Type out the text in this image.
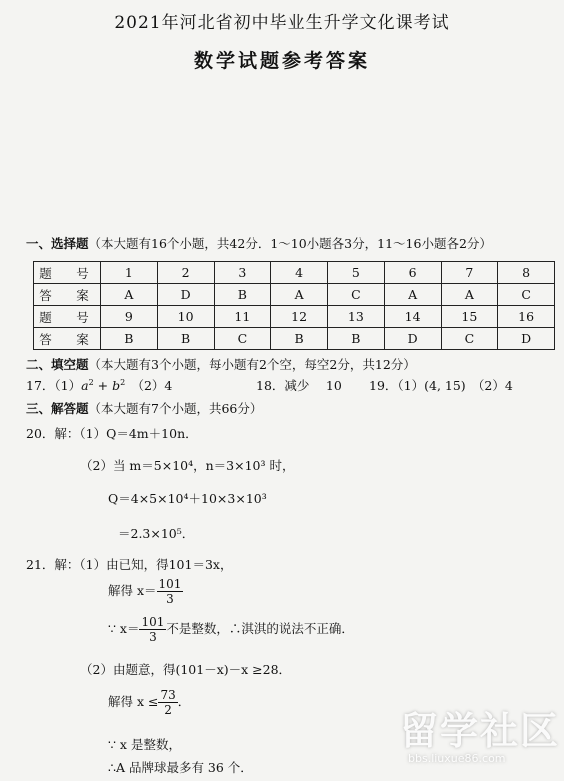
2021年河北省初中毕业生升学文化课考试
数学试题参考答案
一、选择题（本大题有16个小题，共42分．1～10小题各3分，11～16小题各2分）
题　号	1	2	3	4	5	6	7	8
答　案	A	D	B	A	C	A	A	C
题　号	9	10	11	12	13	14	15	16
答　案	B	B	C	B	B	D	C	D
二、填空题（本大题有3个小题，每小题有2个空，每空2分，共12分）
17．$(1)a^2 + b^2$　 （2）4	18．减少　 10 19．（1）(4, 15)　（2）4
三、解答题（本大题有7个小题，共66分）
20．解：（1）Q＝4m＋10n．
（2）当 m＝5×10⁴，n＝3×10³ 时，
Q＝4×5×10⁴＋10×3×10³
＝2.3×10⁵．
21．解：（1）由已知，得101＝3x，
解得 $x= \frac{101}{3}$
∵ $x= \frac{101}{3}$ 不是整数，∴淇淇的说法不正确．
（2）由题意，得(101－x)－x ≥28．
解得 $x \le \frac{73}{2}$ ．
∵ x 是整数，
∴A 品牌球最多有 36 个．
留学社区
bbs.liuxue86.com
